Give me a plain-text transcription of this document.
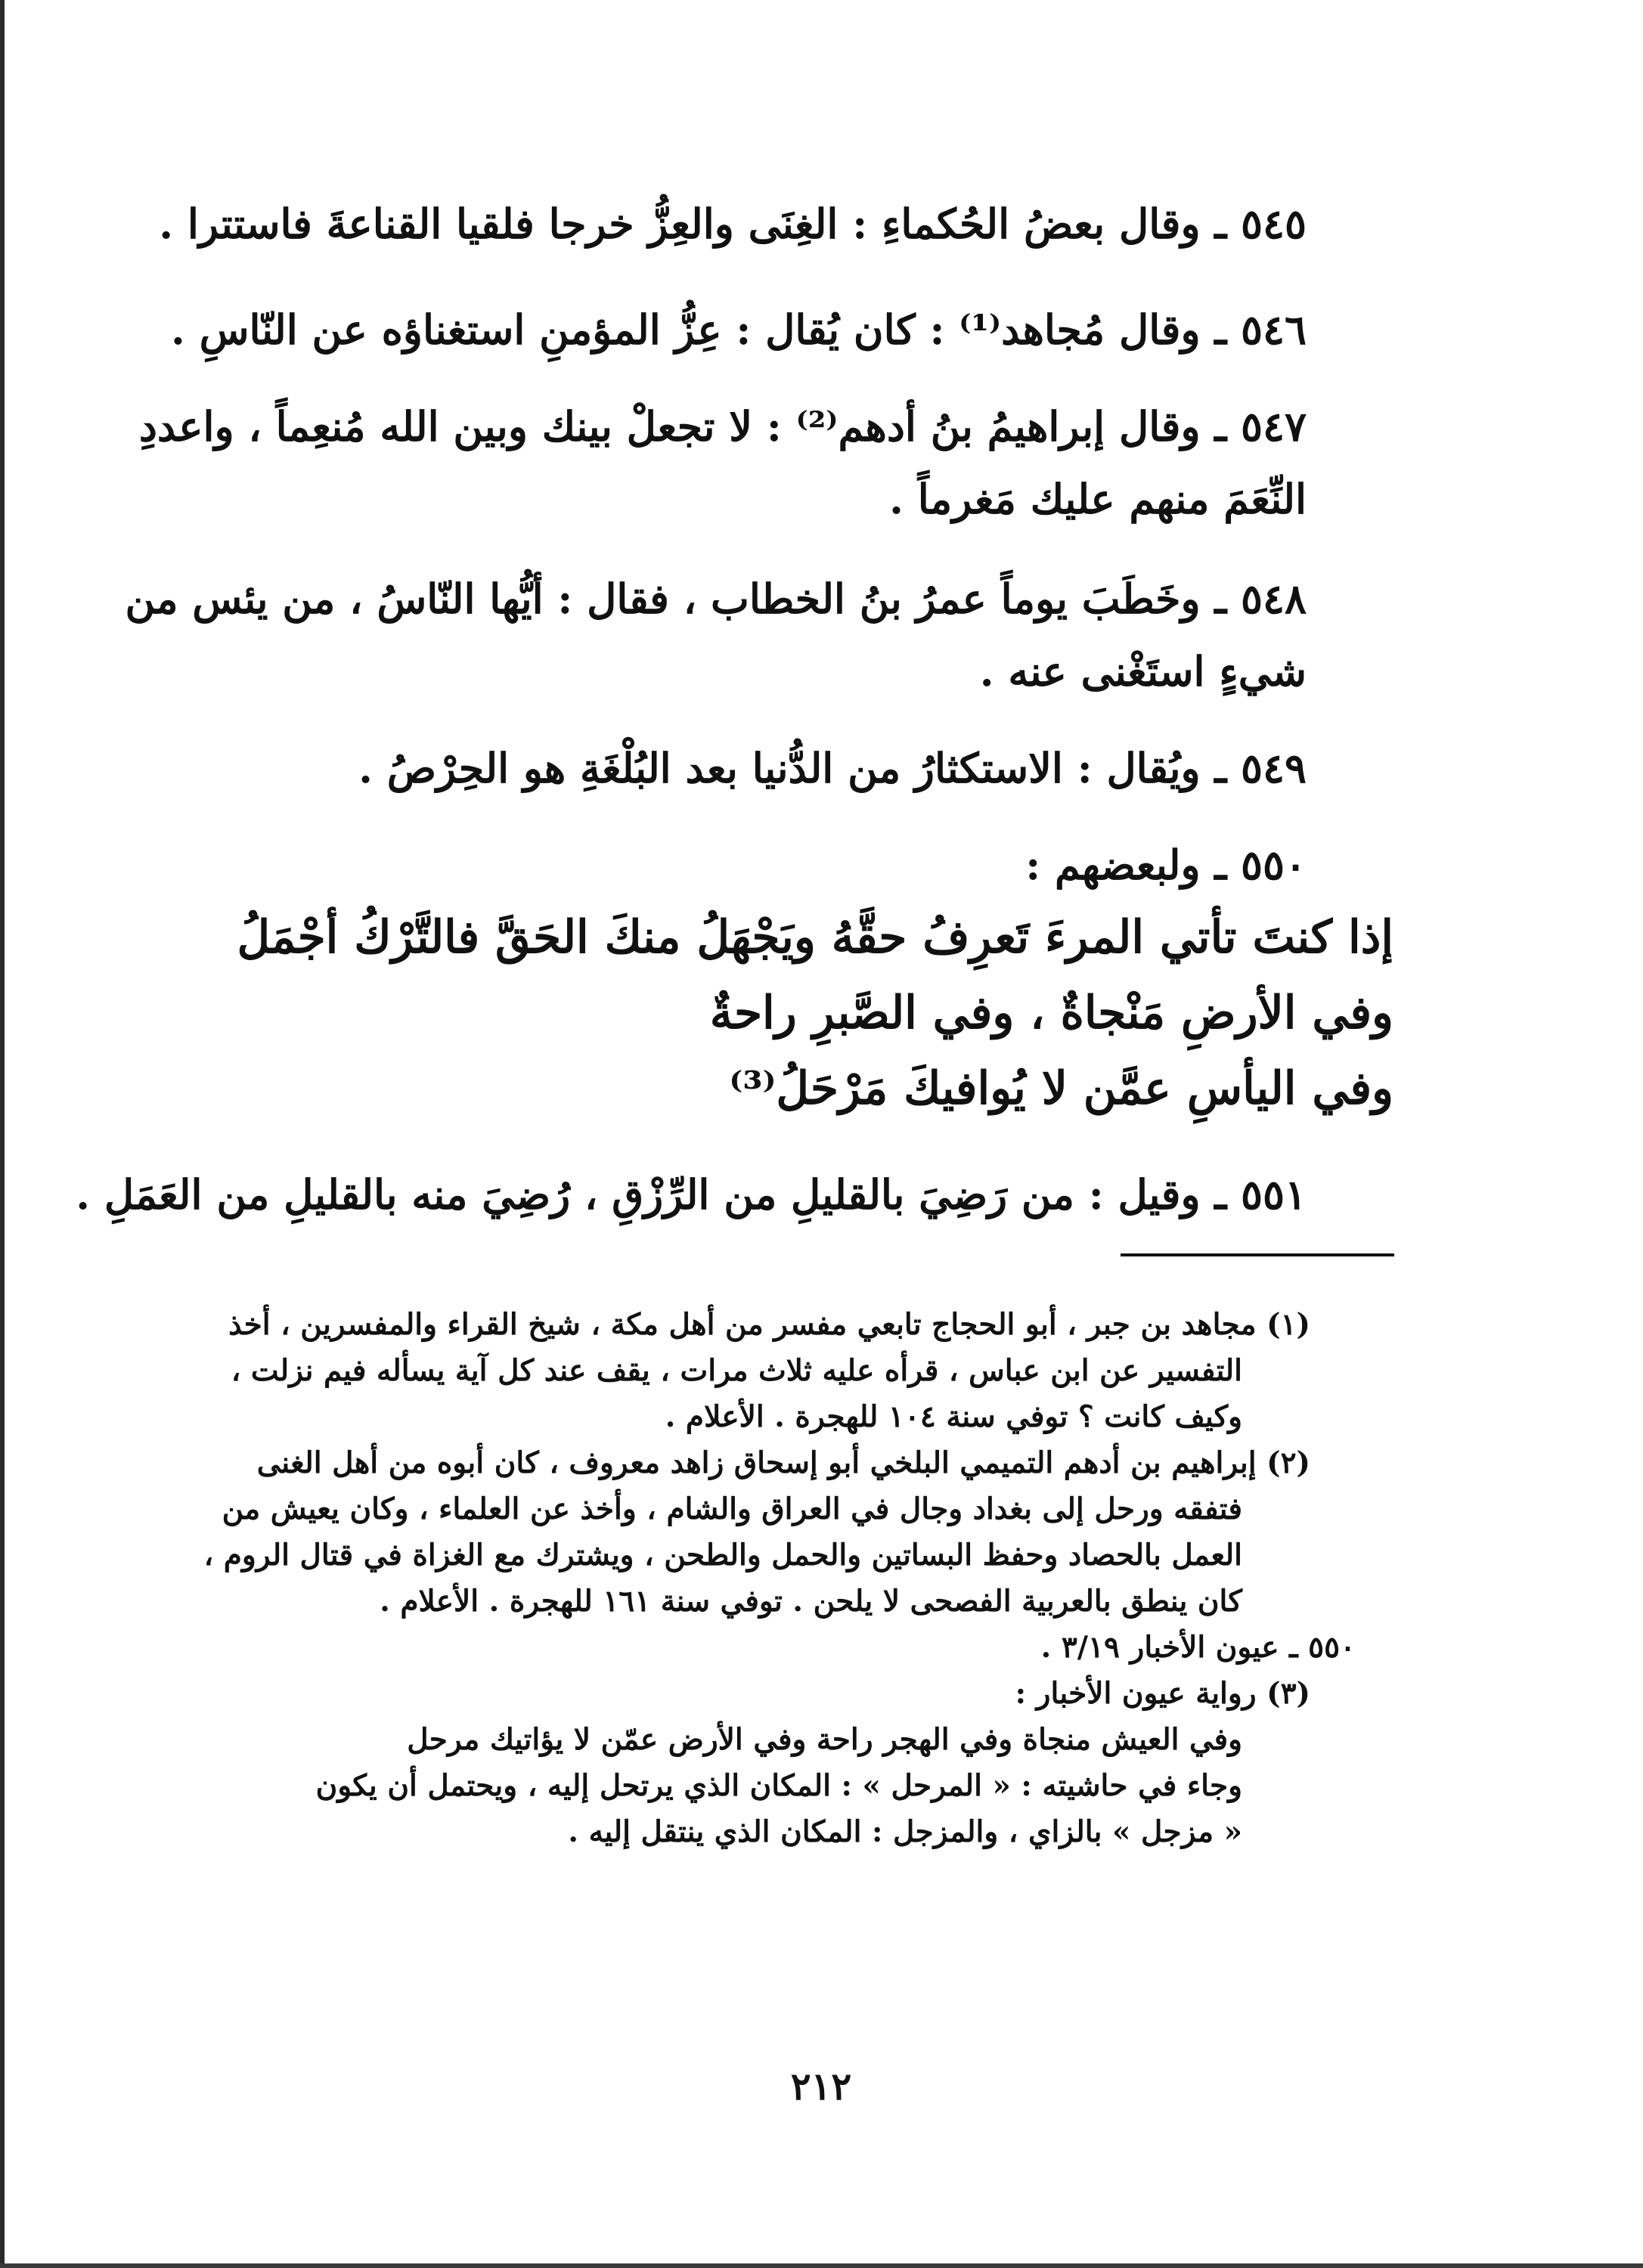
٥٤٥ ـ وقال بعضُ الحُكماءِ : الغِنَى والعِزُّ خرجا فلقيا القناعةَ فاستترا .
٥٤٦ ـ وقال مُجاهد⁽¹⁾ : كان يُقال : عِزُّ المؤمنِ استغناؤه عن النّاسِ .
٥٤٧ ـ وقال إبراهيمُ بنُ أدهم⁽²⁾ : لا تجعلْ بينك وبين الله مُنعِماً ، واعددِ
النِّعَمَ منهم عليك مَغرماً .
٥٤٨ ـ وخَطَبَ يوماً عمرُ بنُ الخطاب ، فقال : أيُّها النّاسُ ، من يئس من
شيءٍ استَغْنى عنه .
٥٤٩ ـ ويُقال : الاستكثارُ من الدُّنيا بعد البُلْغَةِ هو الحِرْصُ .
٥٥٠ ـ ولبعضهم :
إذا كنتَ تأتي المرءَ تَعرِفُ حقَّهُ ويَجْهَلُ منكَ الحَقَّ فالتَّرْكُ أجْمَلُ
وفي الأرضِ مَنْجاةٌ ، وفي الصَّبرِ راحةٌ
وفي اليأسِ عمَّن لا يُوافيكَ مَرْحَلُ⁽³⁾
٥٥١ ـ وقيل : من رَضِيَ بالقليلِ من الرِّزْقِ ، رُضِيَ منه بالقليلِ من العَمَلِ .
(١) مجاهد بن جبر ، أبو الحجاج تابعي مفسر من أهل مكة ، شيخ القراء والمفسرين ، أخذ
التفسير عن ابن عباس ، قرأه عليه ثلاث مرات ، يقف عند كل آية يسأله فيم نزلت ،
وكيف كانت ؟ توفي سنة ١٠٤ للهجرة . الأعلام .
(٢) إبراهيم بن أدهم التميمي البلخي أبو إسحاق زاهد معروف ، كان أبوه من أهل الغنى
فتفقه ورحل إلى بغداد وجال في العراق والشام ، وأخذ عن العلماء ، وكان يعيش من
العمل بالحصاد وحفظ البساتين والحمل والطحن ، ويشترك مع الغزاة في قتال الروم ،
كان ينطق بالعربية الفصحى لا يلحن . توفي سنة ١٦١ للهجرة . الأعلام .
٥٥٠ ـ عيون الأخبار ٣/١٩ .
(٣) رواية عيون الأخبار :
وفي العيش منجاة وفي الهجر راحة وفي الأرض عمّن لا يؤاتيك مرحل
وجاء في حاشيته : « المرحل » : المكان الذي يرتحل إليه ، ويحتمل أن يكون
« مزجل » بالزاي ، والمزجل : المكان الذي ينتقل إليه .
٢١٢
